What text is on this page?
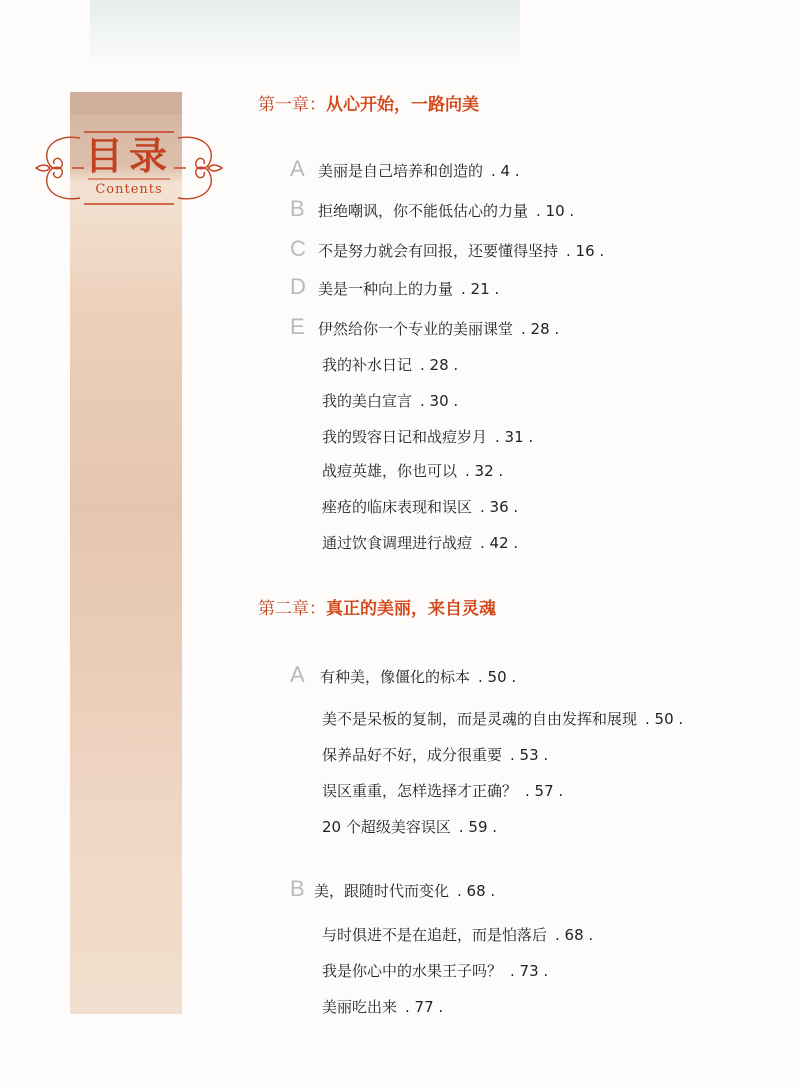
目录
Contents
第一章：从心开始，一路向美
A 美丽是自己培养和创造的 . 4 .
B 拒绝嘲讽，你不能低估心的力量 . 10 .
C 不是努力就会有回报，还要懂得坚持 . 16 .
D 美是一种向上的力量 . 21 .
E 伊然给你一个专业的美丽课堂 . 28 .
我的补水日记 . 28 .
我的美白宣言 . 30 .
我的毁容日记和战痘岁月 . 31 .
战痘英雄，你也可以 . 32 .
痤疮的临床表现和误区 . 36 .
通过饮食调理进行战痘 . 42 .
第二章：真正的美丽，来自灵魂
A 有种美，像僵化的标本 . 50 .
美不是呆板的复制，而是灵魂的自由发挥和展现 . 50 .
保养品好不好，成分很重要 . 53 .
误区重重，怎样选择才正确？ . 57 .
20 个超级美容误区 . 59 .
B 美，跟随时代而变化 . 68 .
与时俱进不是在追赶，而是怕落后 . 68 .
我是你心中的水果王子吗？ . 73 .
美丽吃出来 . 77 .
